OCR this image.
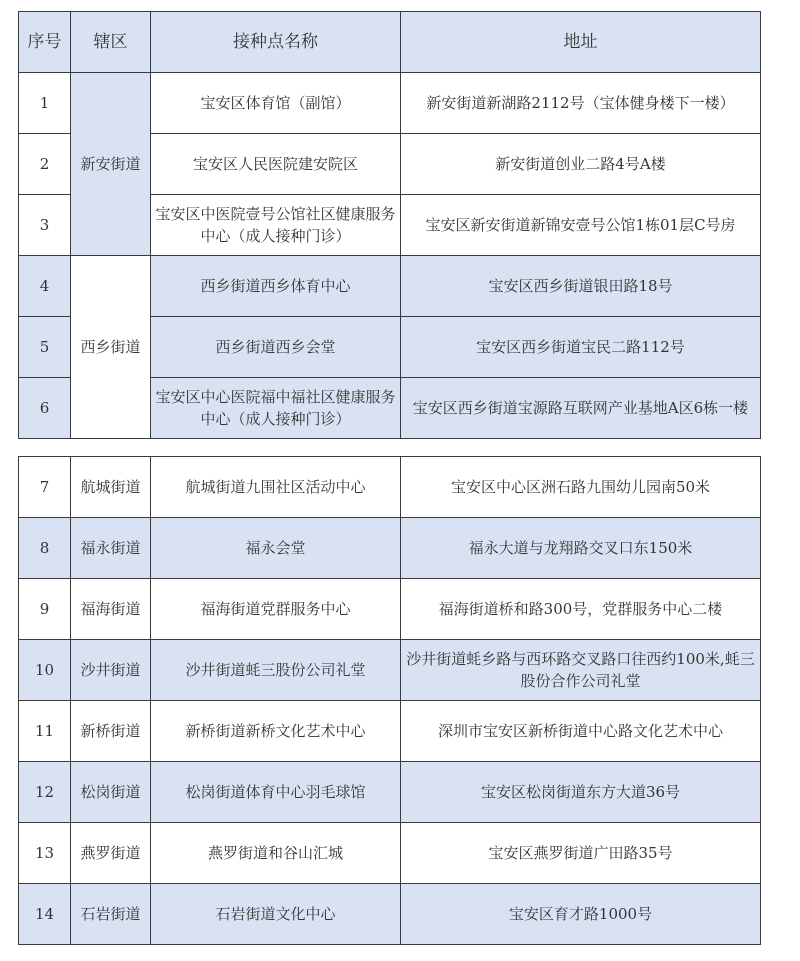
序号	辖区	接种点名称	地址
1	新安街道	宝安区体育馆（副馆）	新安街道新湖路2112号（宝体健身楼下一楼）
2		宝安区人民医院建安院区	新安街道创业二路4号A楼
3		宝安区中医院壹号公馆社区健康服务中心（成人接种门诊）	宝安区新安街道新锦安壹号公馆1栋01层C号房
4	西乡街道	西乡街道西乡体育中心	宝安区西乡街道银田路18号
5		西乡街道西乡会堂	宝安区西乡街道宝民二路112号
6		宝安区中心医院福中福社区健康服务中心（成人接种门诊）	宝安区西乡街道宝源路互联网产业基地A区6栋一楼
7	航城街道	航城街道九围社区活动中心	宝安区中心区洲石路九围幼儿园南50米
8	福永街道	福永会堂	福永大道与龙翔路交叉口东150米
9	福海街道	福海街道党群服务中心	福海街道桥和路300号，党群服务中心二楼
10	沙井街道	沙井街道蚝三股份公司礼堂	沙井街道蚝乡路与西环路交叉路口往西约100米,蚝三股份合作公司礼堂
11	新桥街道	新桥街道新桥文化艺术中心	深圳市宝安区新桥街道中心路文化艺术中心
12	松岗街道	松岗街道体育中心羽毛球馆	宝安区松岗街道东方大道36号
13	燕罗街道	燕罗街道和谷山汇城	宝安区燕罗街道广田路35号
14	石岩街道	石岩街道文化中心	宝安区育才路1000号
